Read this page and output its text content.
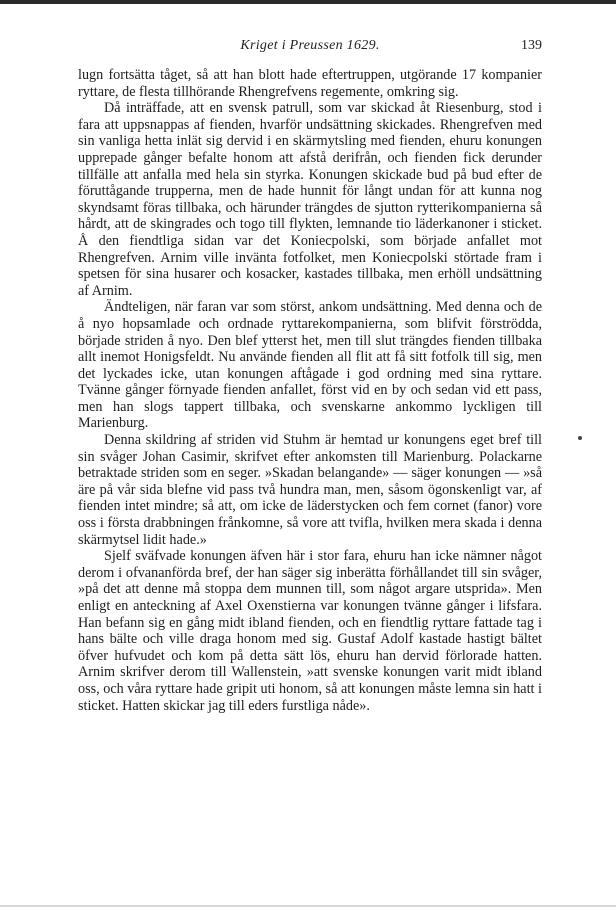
Kriget i Preussen 1629.	139

lugn fortsätta tåget, så att han blott hade eftertruppen, utgörande 17 kompanier ryttare, de flesta tillhörande Rhengrefvens regemente, omkring sig.

Då inträffade, att en svensk patrull, som var skickad åt Riesenburg, stod i fara att uppsnappas af fienden, hvarför undsättning skickades. Rhengrefven med sin vanliga hetta inlät sig dervid i en skärmytsling med fienden, ehuru konungen upprepade gånger befalte honom att afstå derifrån, och fienden fick derunder tillfälle att anfalla med hela sin styrka. Konungen skickade bud på bud efter de föruttågande trupperna, men de hade hunnit för långt undan för att kunna nog skyndsamt föras tillbaka, och härunder trängdes de sjutton rytterikompanierna så hårdt, att de skingrades och togo till flykten, lemnande tio läderkanoner i sticket. Å den fiendtliga sidan var det Koniecpolski, som började anfallet mot Rhengrefven. Arnim ville invänta fotfolket, men Koniecpolski störtade fram i spetsen för sina husarer och kosacker, kastades tillbaka, men erhöll undsättning af Arnim.

Ändteligen, när faran var som störst, ankom undsättning. Med denna och de å nyo hopsamlade och ordnade ryttarekompanierna, som blifvit förströdda, började striden å nyo. Den blef ytterst het, men till slut trängdes fienden tillbaka allt inemot Honigsfeldt. Nu använde fienden all flit att få sitt fotfolk till sig, men det lyckades icke, utan konungen aftågade i god ordning med sina ryttare. Tvänne gånger förnyade fienden anfallet, först vid en by och sedan vid ett pass, men han slogs tappert tillbaka, och svenskarne ankommo lyckligen till Marienburg.

Denna skildring af striden vid Stuhm är hemtad ur konungens eget bref till sin svåger Johan Casimir, skrifvet efter ankomsten till Marienburg. Polackarne betraktade striden som en seger. »Skadan belangande» — säger konungen — »så äre på vår sida blefne vid pass två hundra man, men, såsom ögonskenligt var, af fienden intet mindre; så att, om icke de läderstycken och fem cornet (fanor) vore oss i första drabbningen frånkomne, så vore att tvifla, hvilken mera skada i denna skärmytsel lidit hade.»

Sjelf sväfvade konungen äfven här i stor fara, ehuru han icke nämner något derom i ofvananförda bref, der han säger sig inberätta förhållandet till sin svåger, »på det att denne må stoppa dem munnen till, som något argare utsprida». Men enligt en anteckning af Axel Oxenstierna var konungen tvänne gånger i lifsfara. Han befann sig en gång midt ibland fienden, och en fiendtlig ryttare fattade tag i hans bälte och ville draga honom med sig. Gustaf Adolf kastade hastigt bältet öfver hufvudet och kom på detta sätt lös, ehuru han dervid förlorade hatten. Arnim skrifver derom till Wallenstein, »att svenske konungen varit midt ibland oss, och våra ryttare hade gripit uti honom, så att konungen måste lemna sin hatt i sticket. Hatten skickar jag till eders furstliga nåde».
